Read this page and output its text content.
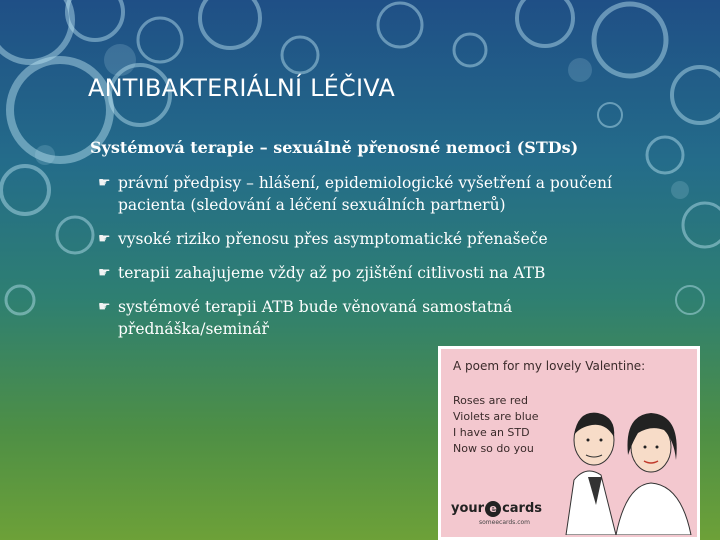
ANTIBAKTERIÁLNÍ LÉČIVA
Systémová terapie – sexuálně přenosné nemoci (STDs)
☛ právní předpisy – hlášení, epidemiologické vyšetření a poučení pacienta (sledování a léčení sexuálních partnerů)
☛ vysoké riziko přenosu přes asymptomatické přenašeče
☛ terapii zahajujeme vždy až po zjištění citlivosti na ATB
☛ systémové terapii ATB bude věnovaná samostatná přednáška/seminář
A poem for my lovely Valentine:
Roses are red
Violets are blue
I have an STD
Now so do you
your e cards
someecards.com
